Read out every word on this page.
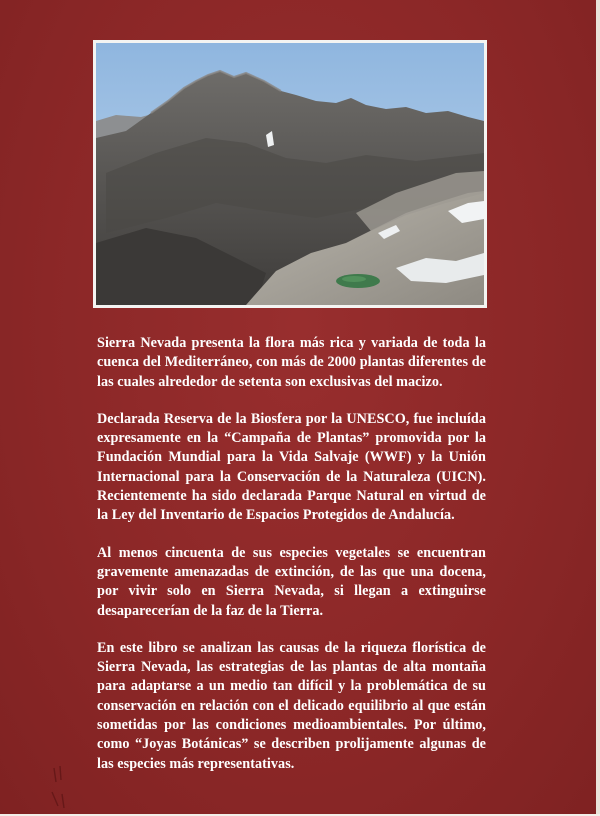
Sierra Nevada presenta la flora más rica y variada de toda la cuenca del Mediterráneo, con más de 2000 plantas diferentes de las cuales alrededor de setenta son exclusivas del macizo.

Declarada Reserva de la Biosfera por la UNESCO, fue incluída expresamente en la “Campaña de Plantas” promovida por la Fundación Mundial para la Vida Salvaje (WWF) y la Unión Internacional para la Conservación de la Naturaleza (UICN). Recientemente ha sido declarada Parque Natural en virtud de la Ley del Inventario de Espacios Protegidos de Andalucía.

Al menos cincuenta de sus especies vegetales se encuentran gravemente amenazadas de extinción, de las que una docena, por vivir solo en Sierra Nevada, si llegan a extinguirse desaparecerían de la faz de la Tierra.

En este libro se analizan las causas de la riqueza florística de Sierra Nevada, las estrategias de las plantas de alta montaña para adaptarse a un medio tan difícil y la problemática de su conservación en relación con el delicado equilibrio al que están sometidas por las condiciones medioambientales. Por último, como “Joyas Botánicas” se describen prolijamente algunas de las especies más representativas.
